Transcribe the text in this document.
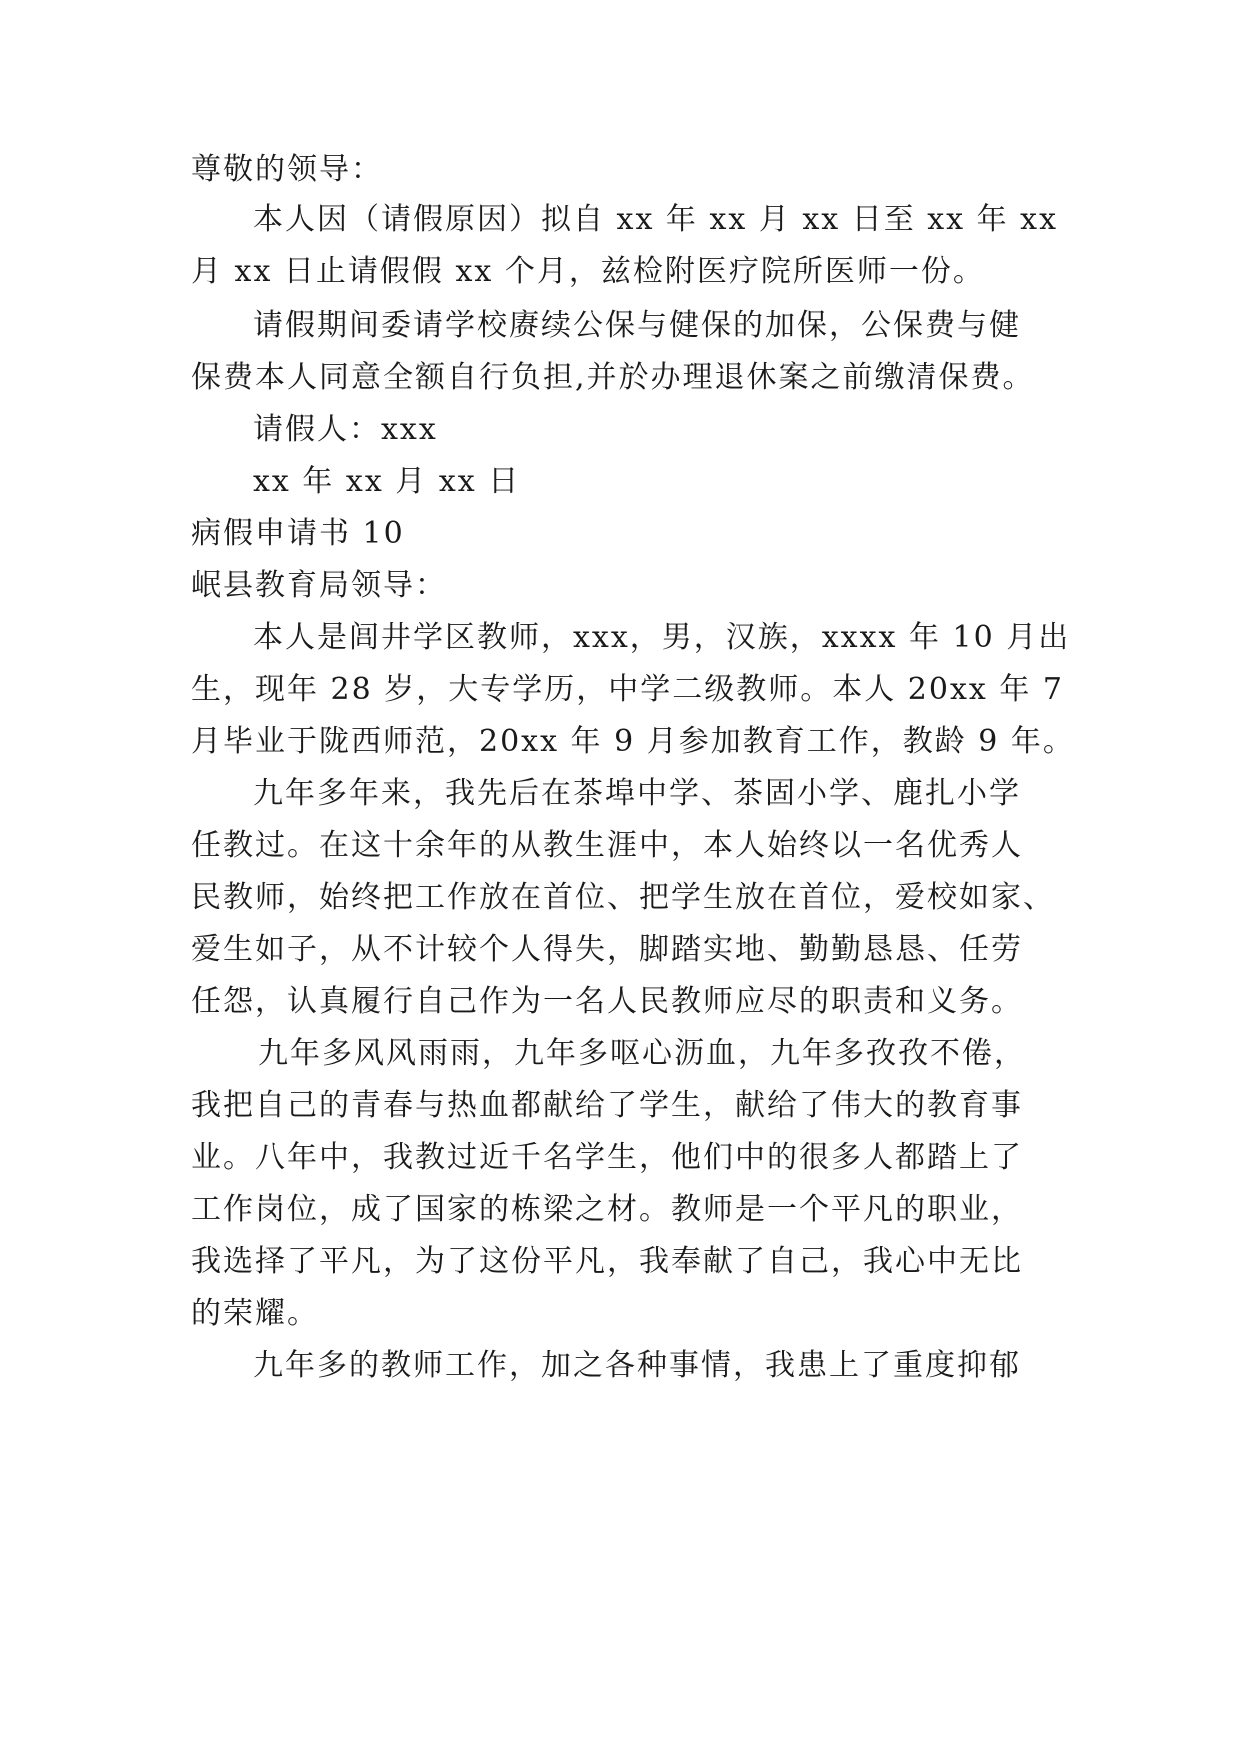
尊敬的领导：
本人因（请假原因）拟自 xx 年 xx 月 xx 日至 xx 年 xx
月 xx 日止请假假 xx 个月，兹检附医疗院所医师一份。
请假期间委请学校赓续公保与健保的加保，公保费与健
保费本人同意全额自行负担,并於办理退休案之前缴清保费。
请假人：xxx
xx 年 xx 月 xx 日
病假申请书 10
岷县教育局领导：
本人是闾井学区教师，xxx，男，汉族，xxxx 年 10 月出
生，现年 28 岁，大专学历，中学二级教师。本人 20xx 年 7
月毕业于陇西师范，20xx 年 9 月参加教育工作，教龄 9 年。
九年多年来，我先后在茶埠中学、茶固小学、鹿扎小学
任教过。在这十余年的从教生涯中，本人始终以一名优秀人
民教师，始终把工作放在首位、把学生放在首位，爱校如家、
爱生如子，从不计较个人得失，脚踏实地、勤勤恳恳、任劳
任怨，认真履行自己作为一名人民教师应尽的职责和义务。
九年多风风雨雨，九年多呕心沥血，九年多孜孜不倦，
我把自己的青春与热血都献给了学生，献给了伟大的教育事
业。八年中，我教过近千名学生，他们中的很多人都踏上了
工作岗位，成了国家的栋梁之材。教师是一个平凡的职业，
我选择了平凡，为了这份平凡，我奉献了自己，我心中无比
的荣耀。
九年多的教师工作，加之各种事情，我患上了重度抑郁
